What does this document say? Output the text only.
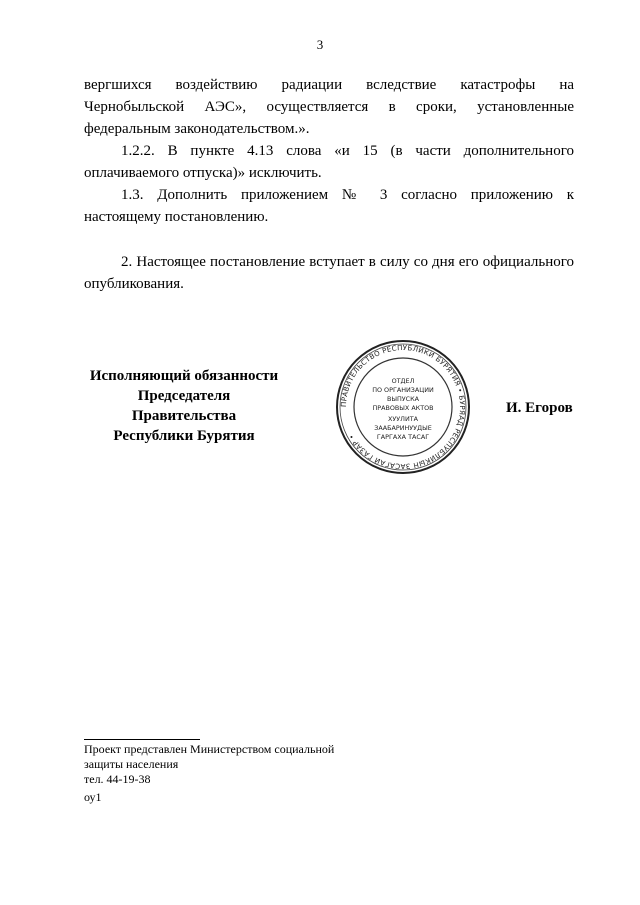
3

вергшихся воздействию радиации вследствие катастрофы на Чернобыльской АЭС», осуществляется в сроки, установленные федеральным законодательством.».

1.2.2. В пункте 4.13 слова «и 15 (в части дополнительного оплачиваемого отпуска)» исключить.

1.3. Дополнить приложением № 3 согласно приложению к настоящему постановлению.

2. Настоящее постановление вступает в силу со дня его официального опубликования.

Исполняющий обязанности
Председателя Правительства
Республики Бурятия
ПРАВИТЕЛЬСТВО РЕСПУБЛИКИ БУРЯТИЯ • БУРЯАД РЕСПУБЛИКЫН ЗАСАГАЙ ГАЗАР •
ОТДЕЛ
ПО ОРГАНИЗАЦИИ
ВЫПУСКА
ПРАВОВЫХ АКТОВ
ХУУЛИТА
ЗААБАРИНУУДЫЕ
ГАРГАХА ТАСАГ
И. Егоров

Проект представлен Министерством социальной

защиты населения

тел. 44-19-38

оу1
